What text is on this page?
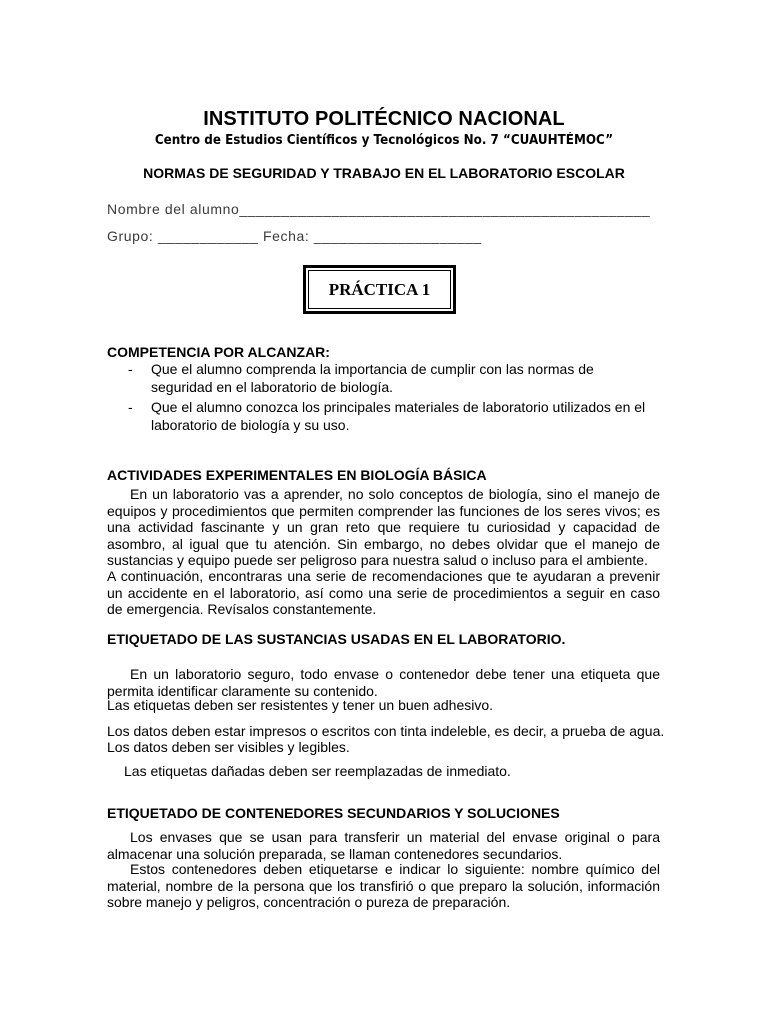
INSTITUTO POLITÉCNICO NACIONAL
Centro de Estudios Científicos y Tecnológicos No. 7 “CUAUHTÉMOC”
NORMAS DE SEGURIDAD Y TRABAJO EN EL LABORATORIO ESCOLAR
Nombre del alumno_________________________________________________
Grupo: ____________ Fecha: ____________________
PRÁCTICA 1
COMPETENCIA POR ALCANZAR:
- Que el alumno comprenda la importancia de cumplir con las normas de seguridad en el laboratorio de biología.
- Que el alumno conozca los principales materiales de laboratorio utilizados en el laboratorio de biología y su uso.
ACTIVIDADES EXPERIMENTALES EN BIOLOGÍA BÁSICA
En un laboratorio vas a aprender, no solo conceptos de biología, sino el manejo de equipos y procedimientos que permiten comprender las funciones de los seres vivos; es una actividad fascinante y un gran reto que requiere tu curiosidad y capacidad de asombro, al igual que tu atención. Sin embargo, no debes olvidar que el manejo de sustancias y equipo puede ser peligroso para nuestra salud o incluso para el ambiente.
A continuación, encontraras una serie de recomendaciones que te ayudaran a prevenir un accidente en el laboratorio, así como una serie de procedimientos a seguir en caso de emergencia. Revísalos constantemente.
ETIQUETADO DE LAS SUSTANCIAS USADAS EN EL LABORATORIO.
En un laboratorio seguro, todo envase o contenedor debe tener una etiqueta que permita identificar claramente su contenido.
Las etiquetas deben ser resistentes y tener un buen adhesivo.
Los datos deben estar impresos o escritos con tinta indeleble, es decir, a prueba de agua.
Los datos deben ser visibles y legibles.
Las etiquetas dañadas deben ser reemplazadas de inmediato.
ETIQUETADO DE CONTENEDORES SECUNDARIOS Y SOLUCIONES
Los envases que se usan para transferir un material del envase original o para almacenar una solución preparada, se llaman contenedores secundarios.
Estos contenedores deben etiquetarse e indicar lo siguiente: nombre químico del material, nombre de la persona que los transfirió o que preparo la solución, información sobre manejo y peligros, concentración o pureza de preparación.
